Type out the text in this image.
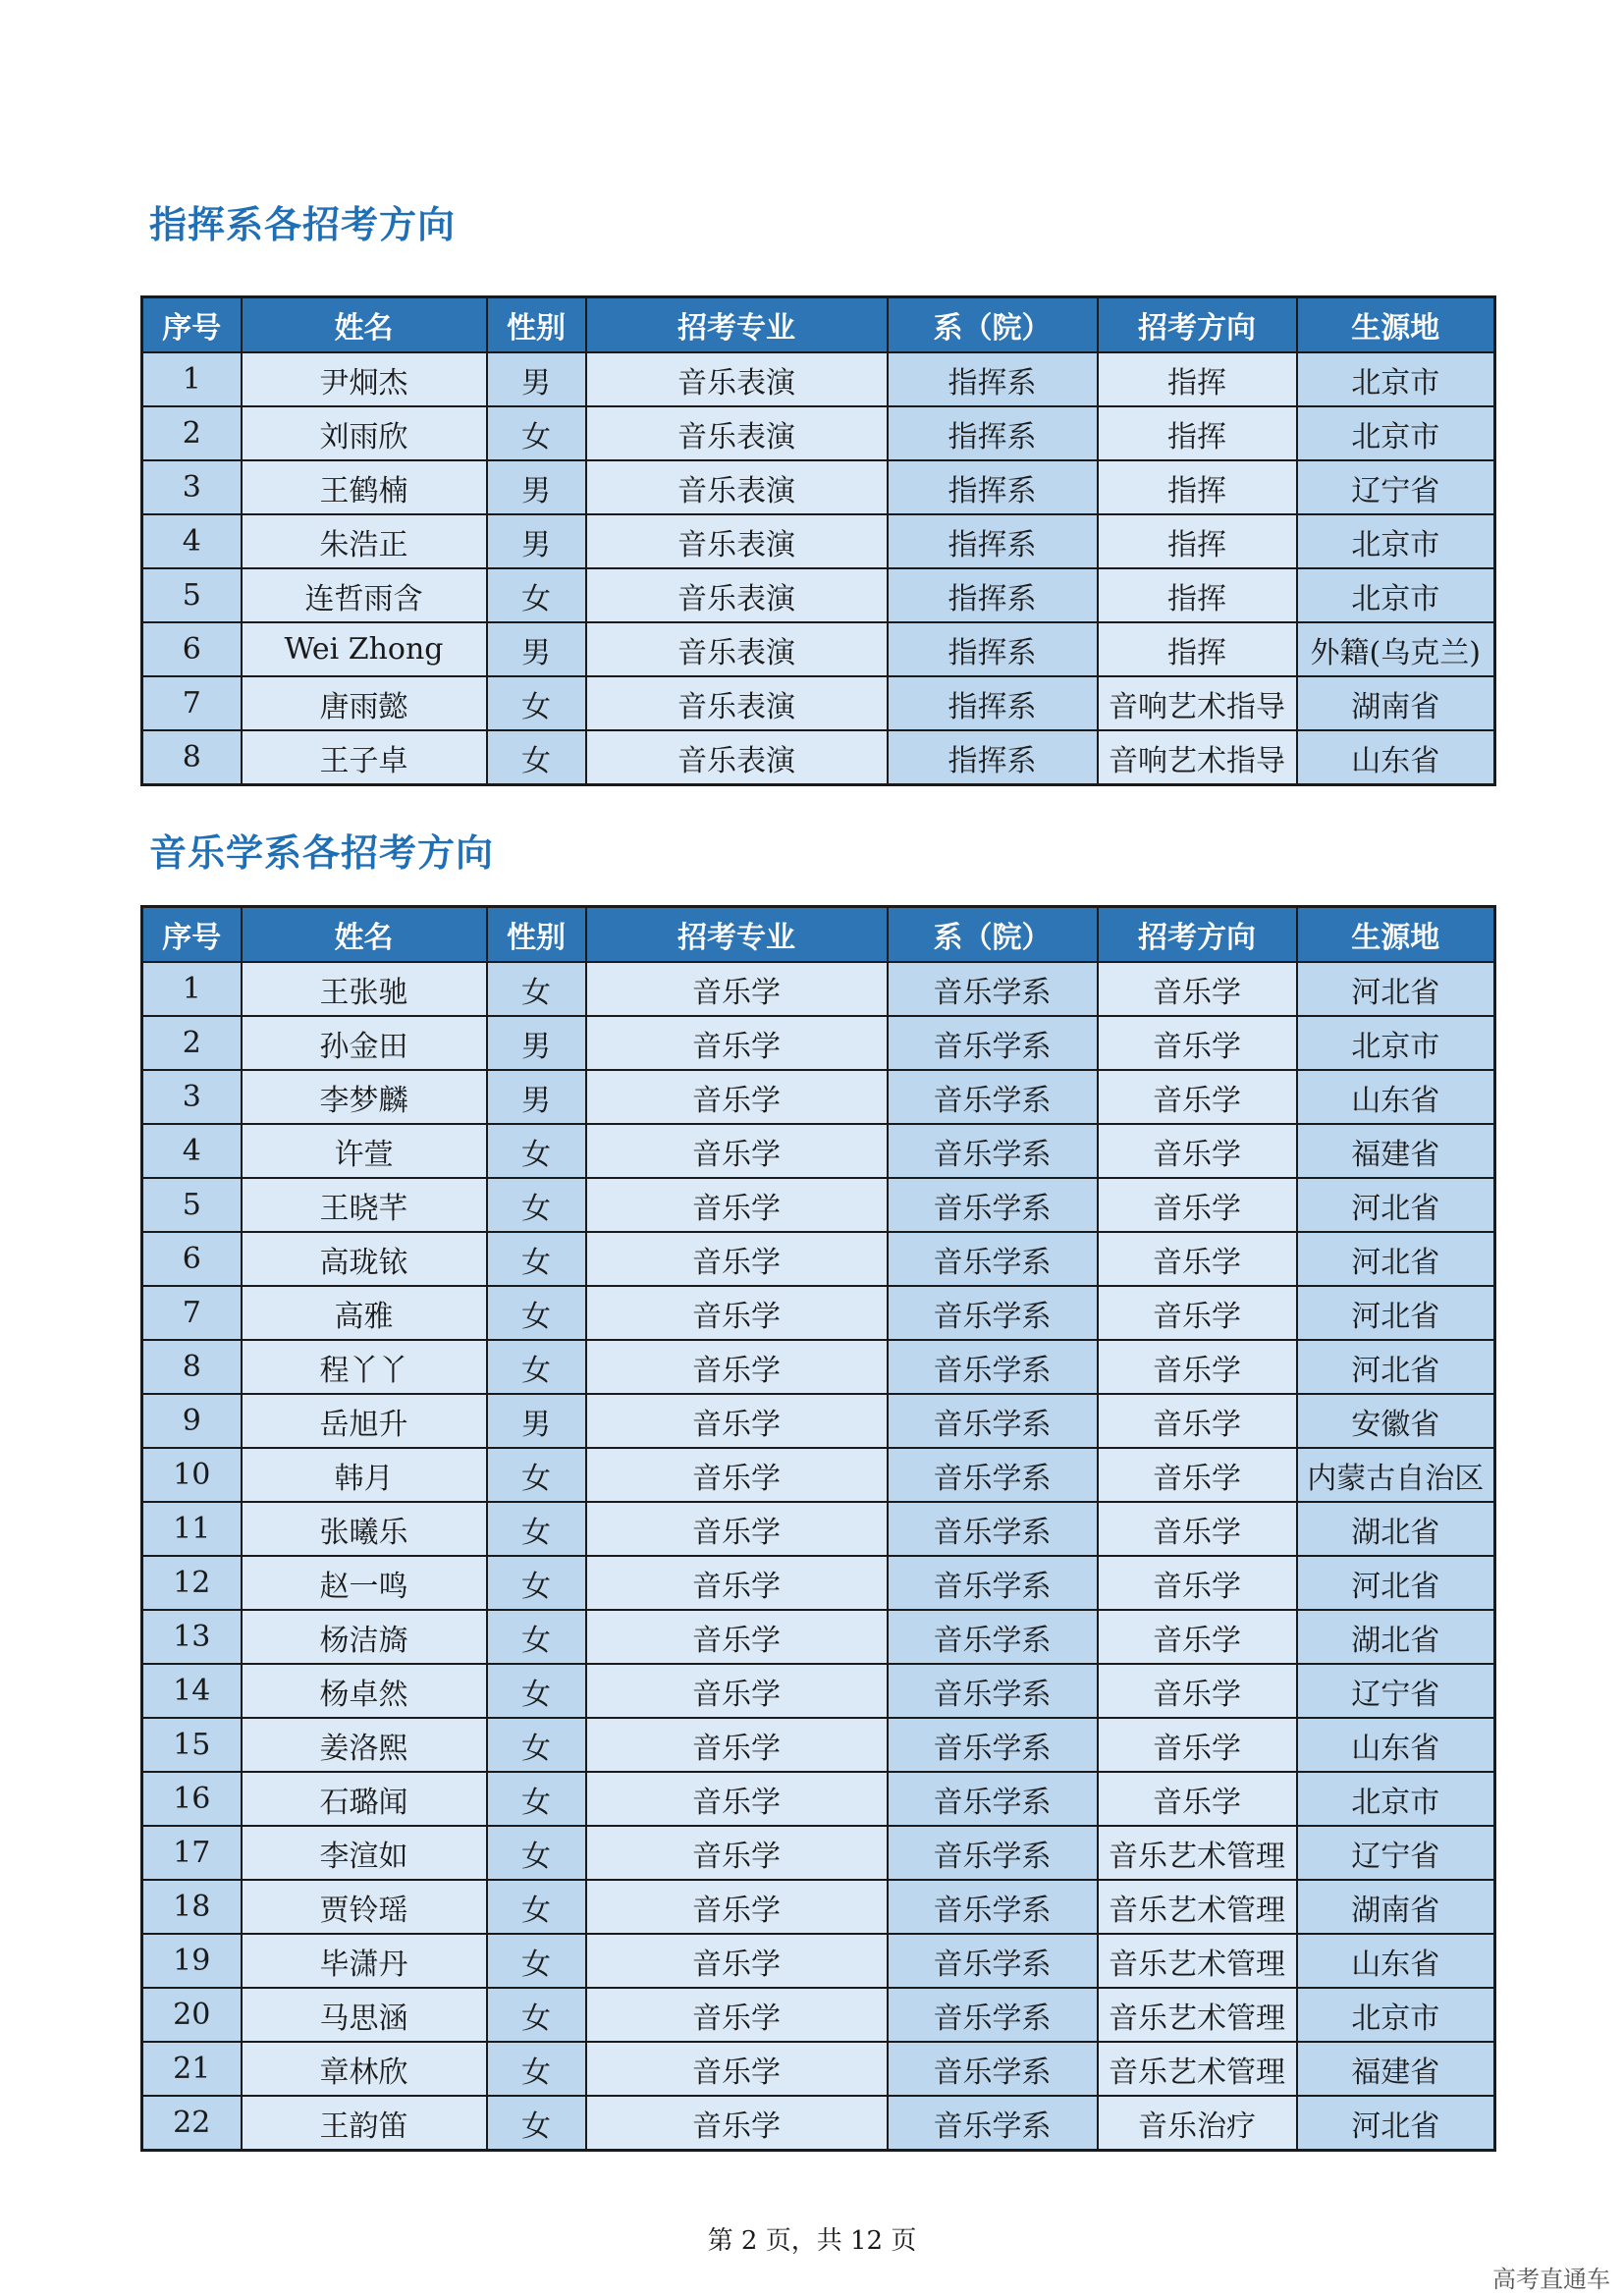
指挥系各招考方向
序号	姓名	性别	招考专业	系（院）	招考方向	生源地
1	尹炯杰	男	音乐表演	指挥系	指挥	北京市
2	刘雨欣	女	音乐表演	指挥系	指挥	北京市
3	王鹤楠	男	音乐表演	指挥系	指挥	辽宁省
4	朱浩正	男	音乐表演	指挥系	指挥	北京市
5	连哲雨含	女	音乐表演	指挥系	指挥	北京市
6	Wei Zhong	男	音乐表演	指挥系	指挥	外籍(乌克兰)
7	唐雨懿	女	音乐表演	指挥系	音响艺术指导	湖南省
8	王子卓	女	音乐表演	指挥系	音响艺术指导	山东省
音乐学系各招考方向
序号	姓名	性别	招考专业	系（院）	招考方向	生源地
1	王张驰	女	音乐学	音乐学系	音乐学	河北省
2	孙金田	男	音乐学	音乐学系	音乐学	北京市
3	李梦麟	男	音乐学	音乐学系	音乐学	山东省
4	许萱	女	音乐学	音乐学系	音乐学	福建省
5	王晓芊	女	音乐学	音乐学系	音乐学	河北省
6	高珑铱	女	音乐学	音乐学系	音乐学	河北省
7	高雅	女	音乐学	音乐学系	音乐学	河北省
8	程丫丫	女	音乐学	音乐学系	音乐学	河北省
9	岳旭升	男	音乐学	音乐学系	音乐学	安徽省
10	韩月	女	音乐学	音乐学系	音乐学	内蒙古自治区
11	张曦乐	女	音乐学	音乐学系	音乐学	湖北省
12	赵一鸣	女	音乐学	音乐学系	音乐学	河北省
13	杨洁旖	女	音乐学	音乐学系	音乐学	湖北省
14	杨卓然	女	音乐学	音乐学系	音乐学	辽宁省
15	姜洛熙	女	音乐学	音乐学系	音乐学	山东省
16	石璐闻	女	音乐学	音乐学系	音乐学	北京市
17	李渲如	女	音乐学	音乐学系	音乐艺术管理	辽宁省
18	贾铃瑶	女	音乐学	音乐学系	音乐艺术管理	湖南省
19	毕潇丹	女	音乐学	音乐学系	音乐艺术管理	山东省
20	马思涵	女	音乐学	音乐学系	音乐艺术管理	北京市
21	章林欣	女	音乐学	音乐学系	音乐艺术管理	福建省
22	王韵笛	女	音乐学	音乐学系	音乐治疗	河北省
第 2 页，共 12 页
高考直通车
